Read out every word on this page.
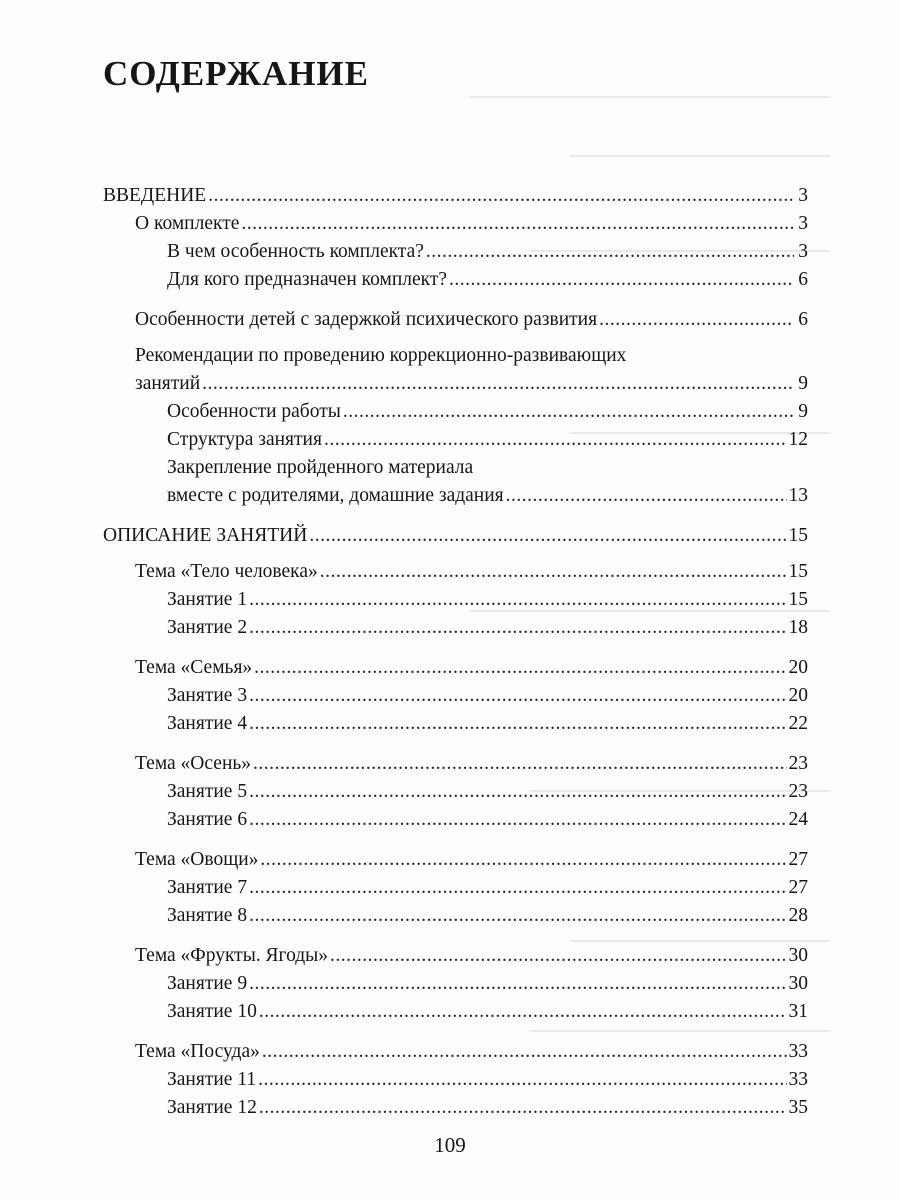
СОДЕРЖАНИЕ
ВВЕДЕНИЕ .....	3
О комплекте .....	3
В чем особенность комплекта? .....	3
Для кого предназначен комплект? .....	6
Особенности детей с задержкой психического развития .....	6
Рекомендации по проведению коррекционно-развивающих
занятий .....	9
Особенности работы .....	9
Структура занятия .....	12
Закрепление пройденного материала
вместе с родителями, домашние задания .....	13
ОПИСАНИЕ ЗАНЯТИЙ .....	15
Тема «Тело человека» .....	15
Занятие 1 .....	15
Занятие 2 .....	18
Тема «Семья» .....	20
Занятие 3 .....	20
Занятие 4 .....	22
Тема «Осень» .....	23
Занятие 5 .....	23
Занятие 6 .....	24
Тема «Овощи» .....	27
Занятие 7 .....	27
Занятие 8 .....	28
Тема «Фрукты. Ягоды» .....	30
Занятие 9 .....	30
Занятие 10 .....	31
Тема «Посуда» .....	33
Занятие 11 .....	33
Занятие 12 .....	35
109
